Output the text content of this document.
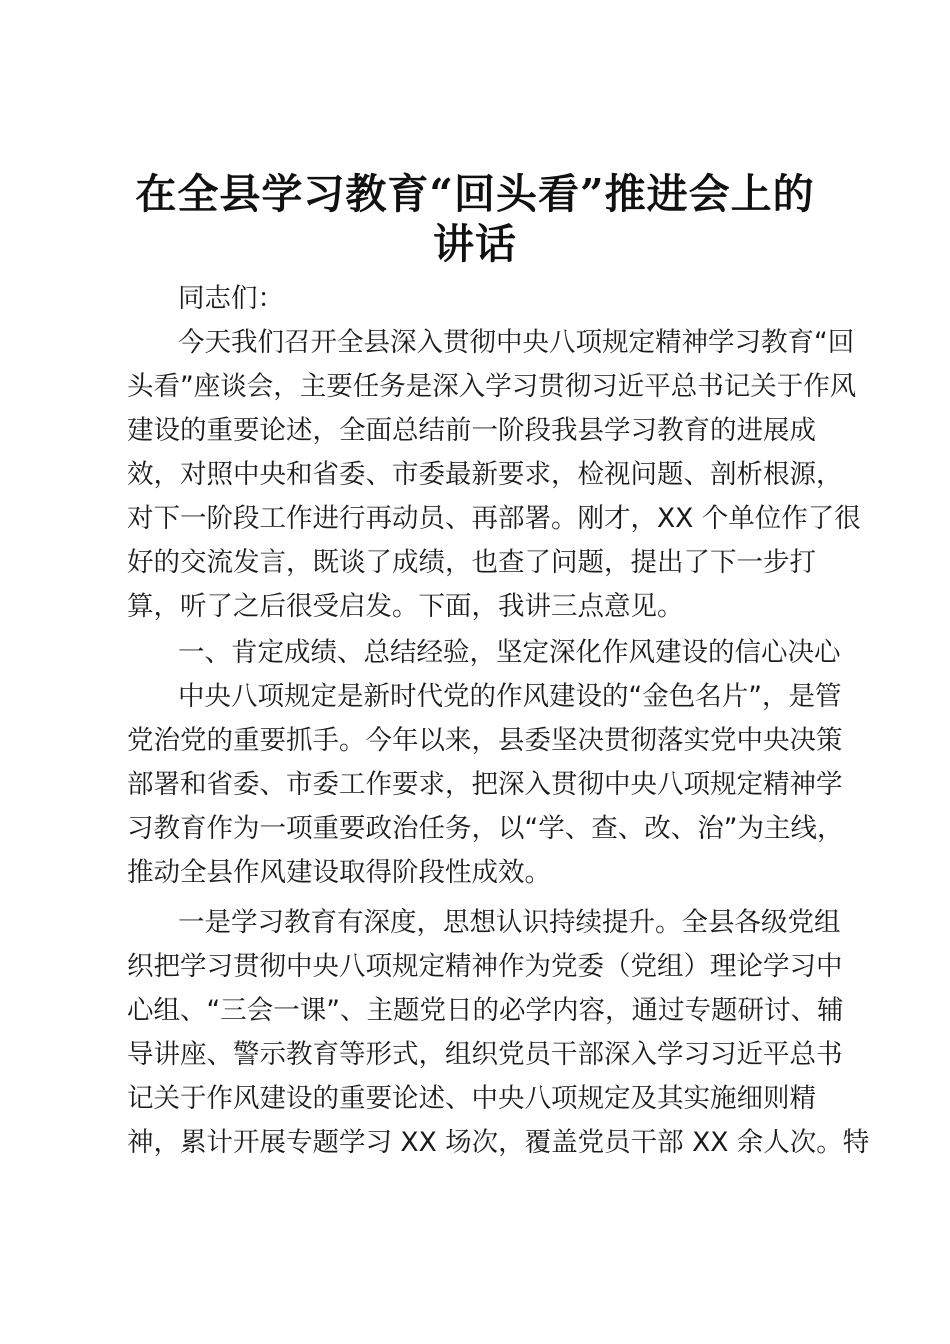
在全县学习教育“回头看”推进会上的
讲话
同志们：
今天我们召开全县深入贯彻中央八项规定精神学习教育“回
头看”座谈会，主要任务是深入学习贯彻习近平总书记关于作风
建设的重要论述，全面总结前一阶段我县学习教育的进展成
效，对照中央和省委、市委最新要求，检视问题、剖析根源，
对下一阶段工作进行再动员、再部署。刚才，XX 个单位作了很
好的交流发言，既谈了成绩，也查了问题，提出了下一步打
算，听了之后很受启发。下面，我讲三点意见。
一、肯定成绩、总结经验，坚定深化作风建设的信心决心
中央八项规定是新时代党的作风建设的“金色名片”，是管
党治党的重要抓手。今年以来，县委坚决贯彻落实党中央决策
部署和省委、市委工作要求，把深入贯彻中央八项规定精神学
习教育作为一项重要政治任务，以“学、查、改、治”为主线，
推动全县作风建设取得阶段性成效。
一是学习教育有深度，思想认识持续提升。全县各级党组
织把学习贯彻中央八项规定精神作为党委（党组）理论学习中
心组、“三会一课”、主题党日的必学内容，通过专题研讨、辅
导讲座、警示教育等形式，组织党员干部深入学习习近平总书
记关于作风建设的重要论述、中央八项规定及其实施细则精
神，累计开展专题学习 XX 场次，覆盖党员干部 XX 余人次。特
